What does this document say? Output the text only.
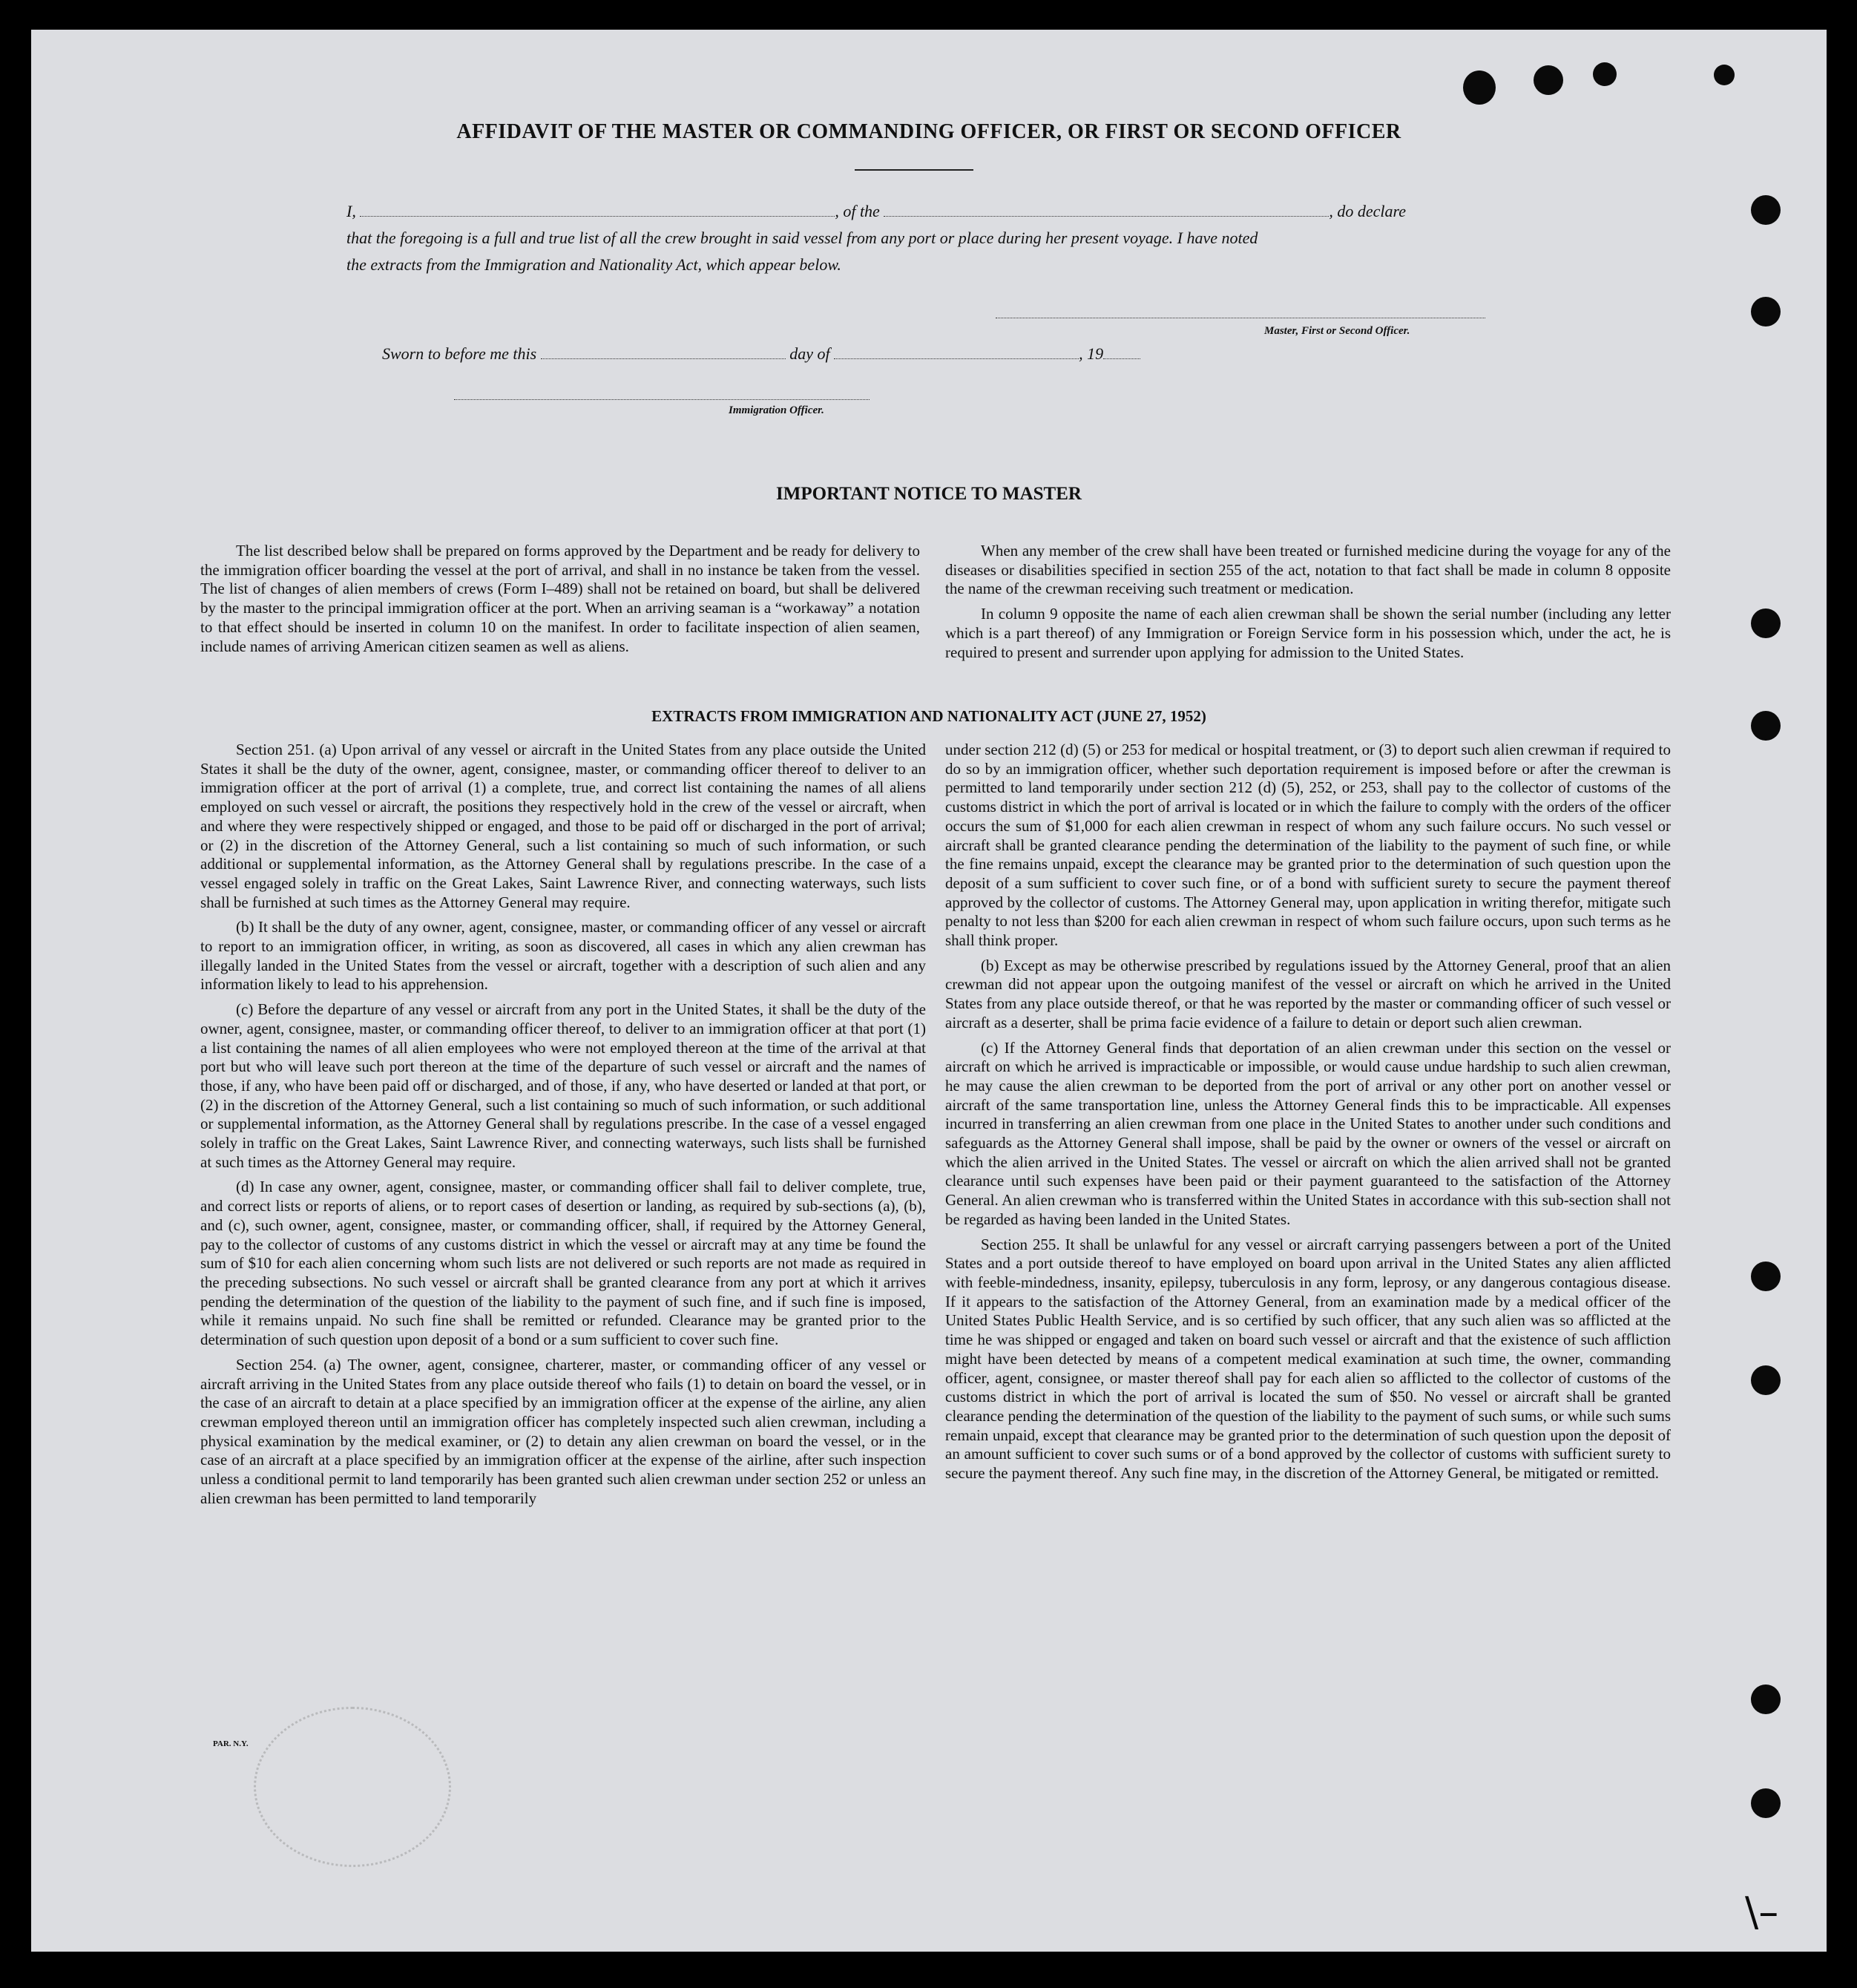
AFFIDAVIT OF THE MASTER OR COMMANDING OFFICER, OR FIRST OR SECOND OFFICER
I,	, of the	, do declare
that the foregoing is a full and true list of all the crew brought in said vessel from any port or place during her present voyage. I have noted
the extracts from the Immigration and Nationality Act, which appear below.
Master, First or Second Officer.
Sworn to before me this	day of	, 19
Immigration Officer.
IMPORTANT NOTICE TO MASTER

The list described below shall be prepared on forms approved by the Department and be ready for delivery to the immigration officer boarding the vessel at the port of arrival, and shall in no instance be taken from the vessel. The list of changes of alien members of crews (Form I–489) shall not be retained on board, but shall be delivered by the master to the principal immigration officer at the port. When an arriving seaman is a “workaway” a notation to that effect should be inserted in column 10 on the manifest. In order to facilitate inspection of alien seamen, include names of arriving American citizen seamen as well as aliens.

When any member of the crew shall have been treated or furnished medicine during the voyage for any of the diseases or disabilities specified in section 255 of the act, notation to that fact shall be made in column 8 opposite the name of the crewman receiving such treatment or medication.

In column 9 opposite the name of each alien crewman shall be shown the serial number (including any letter which is a part thereof) of any Immigration or Foreign Service form in his possession which, under the act, he is required to present and surrender upon applying for admission to the United States.

EXTRACTS FROM IMMIGRATION AND NATIONALITY ACT (JUNE 27, 1952)

Section 251. (a) Upon arrival of any vessel or aircraft in the United States from any place outside the United States it shall be the duty of the owner, agent, consignee, master, or commanding officer thereof to deliver to an immigration officer at the port of arrival (1) a complete, true, and correct list containing the names of all aliens employed on such vessel or aircraft, the positions they respectively hold in the crew of the vessel or aircraft, when and where they were respectively shipped or engaged, and those to be paid off or discharged in the port of arrival; or (2) in the discretion of the Attorney General, such a list containing so much of such information, or such additional or supplemental information, as the Attorney General shall by regulations prescribe. In the case of a vessel engaged solely in traffic on the Great Lakes, Saint Lawrence River, and connecting waterways, such lists shall be furnished at such times as the Attorney General may require.

(b) It shall be the duty of any owner, agent, consignee, master, or commanding officer of any vessel or aircraft to report to an immigration officer, in writing, as soon as discovered, all cases in which any alien crewman has illegally landed in the United States from the vessel or aircraft, together with a description of such alien and any information likely to lead to his apprehension.

(c) Before the departure of any vessel or aircraft from any port in the United States, it shall be the duty of the owner, agent, consignee, master, or commanding officer thereof, to deliver to an immigration officer at that port (1) a list containing the names of all alien employees who were not employed thereon at the time of the arrival at that port but who will leave such port thereon at the time of the departure of such vessel or aircraft and the names of those, if any, who have been paid off or discharged, and of those, if any, who have deserted or landed at that port, or (2) in the discretion of the Attorney General, such a list containing so much of such information, or such additional or supplemental information, as the Attorney General shall by regulations prescribe. In the case of a vessel engaged solely in traffic on the Great Lakes, Saint Lawrence River, and connecting waterways, such lists shall be furnished at such times as the Attorney General may require.

(d) In case any owner, agent, consignee, master, or commanding officer shall fail to deliver complete, true, and correct lists or reports of aliens, or to report cases of desertion or landing, as required by sub-sections (a), (b), and (c), such owner, agent, consignee, master, or commanding officer, shall, if required by the Attorney General, pay to the collector of customs of any customs district in which the vessel or aircraft may at any time be found the sum of $10 for each alien concerning whom such lists are not delivered or such reports are not made as required in the preceding subsections. No such vessel or aircraft shall be granted clearance from any port at which it arrives pending the determination of the question of the liability to the payment of such fine, and if such fine is imposed, while it remains unpaid. No such fine shall be remitted or refunded. Clearance may be granted prior to the determination of such question upon deposit of a bond or a sum sufficient to cover such fine.

Section 254. (a) The owner, agent, consignee, charterer, master, or commanding officer of any vessel or aircraft arriving in the United States from any place outside thereof who fails (1) to detain on board the vessel, or in the case of an aircraft to detain at a place specified by an immigration officer at the expense of the airline, any alien crewman employed thereon until an immigration officer has completely inspected such alien crewman, including a physical examination by the medical examiner, or (2) to detain any alien crewman on board the vessel, or in the case of an aircraft at a place specified by an immigration officer at the expense of the airline, after such inspection unless a conditional permit to land temporarily has been granted such alien crewman under section 252 or unless an alien crewman has been permitted to land temporarily

under section 212 (d) (5) or 253 for medical or hospital treatment, or (3) to deport such alien crewman if required to do so by an immigration officer, whether such deportation requirement is imposed before or after the crewman is permitted to land temporarily under section 212 (d) (5), 252, or 253, shall pay to the collector of customs of the customs district in which the port of arrival is located or in which the failure to comply with the orders of the officer occurs the sum of $1,000 for each alien crewman in respect of whom any such failure occurs. No such vessel or aircraft shall be granted clearance pending the determination of the liability to the payment of such fine, or while the fine remains unpaid, except the clearance may be granted prior to the determination of such question upon the deposit of a sum sufficient to cover such fine, or of a bond with sufficient surety to secure the payment thereof approved by the collector of customs. The Attorney General may, upon application in writing therefor, mitigate such penalty to not less than $200 for each alien crewman in respect of whom such failure occurs, upon such terms as he shall think proper.

(b) Except as may be otherwise prescribed by regulations issued by the Attorney General, proof that an alien crewman did not appear upon the outgoing manifest of the vessel or aircraft on which he arrived in the United States from any place outside thereof, or that he was reported by the master or commanding officer of such vessel or aircraft as a deserter, shall be prima facie evidence of a failure to detain or deport such alien crewman.

(c) If the Attorney General finds that deportation of an alien crewman under this section on the vessel or aircraft on which he arrived is impracticable or impossible, or would cause undue hardship to such alien crewman, he may cause the alien crewman to be deported from the port of arrival or any other port on another vessel or aircraft of the same transportation line, unless the Attorney General finds this to be impracticable. All expenses incurred in transferring an alien crewman from one place in the United States to another under such conditions and safeguards as the Attorney General shall impose, shall be paid by the owner or owners of the vessel or aircraft on which the alien arrived in the United States. The vessel or aircraft on which the alien arrived shall not be granted clearance until such expenses have been paid or their payment guaranteed to the satisfaction of the Attorney General. An alien crewman who is transferred within the United States in accordance with this sub-section shall not be regarded as having been landed in the United States.

Section 255. It shall be unlawful for any vessel or aircraft carrying passengers between a port of the United States and a port outside thereof to have employed on board upon arrival in the United States any alien afflicted with feeble-mindedness, insanity, epilepsy, tuberculosis in any form, leprosy, or any dangerous contagious disease. If it appears to the satisfaction of the Attorney General, from an examination made by a medical officer of the United States Public Health Service, and is so certified by such officer, that any such alien was so afflicted at the time he was shipped or engaged and taken on board such vessel or aircraft and that the existence of such affliction might have been detected by means of a competent medical examination at such time, the owner, commanding officer, agent, consignee, or master thereof shall pay for each alien so afflicted to the collector of customs of the customs district in which the port of arrival is located the sum of $50. No vessel or aircraft shall be granted clearance pending the determination of the question of the liability to the payment of such sums, or while such sums remain unpaid, except that clearance may be granted prior to the determination of such question upon the deposit of an amount sufficient to cover such sums or of a bond approved by the collector of customs with sufficient surety to secure the payment thereof. Any such fine may, in the discretion of the Attorney General, be mitigated or remitted.

PAR. N.Y.
\–
